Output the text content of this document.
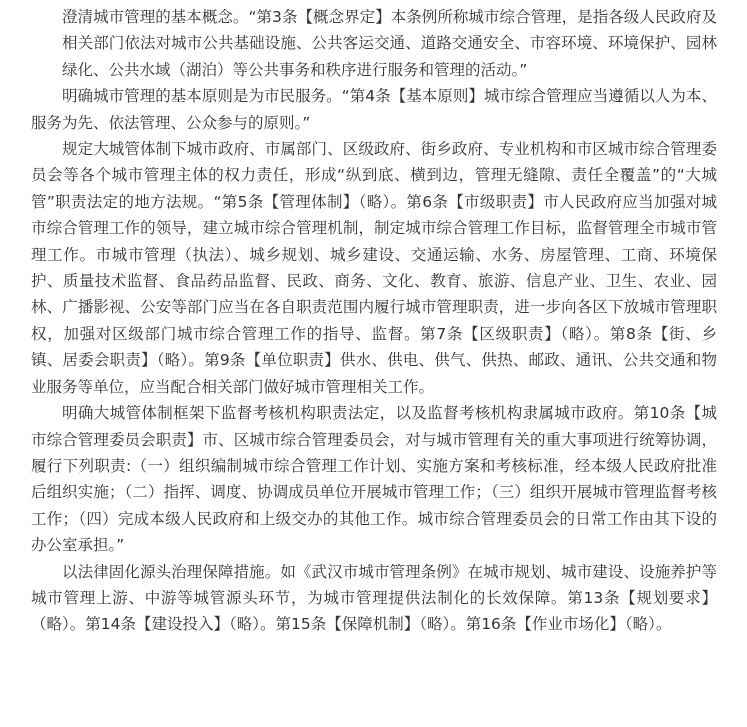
澄清城市管理的基本概念。“第3条【概念界定】本条例所称城市综合管理，是指各级人民政府及相关部门依法对城市公共基础设施、公共客运交通、道路交通安全、市容环境、环境保护、园林绿化、公共水域（湖泊）等公共事务和秩序进行服务和管理的活动。”

明确城市管理的基本原则是为市民服务。“第4条【基本原则】城市综合管理应当遵循以人为本、服务为先、依法管理、公众参与的原则。”

规定大城管体制下城市政府、市属部门、区级政府、街乡政府、专业机构和市区城市综合管理委员会等各个城市管理主体的权力责任，形成“纵到底、横到边，管理无缝隙、责任全覆盖”的“大城管”职责法定的地方法规。“第5条【管理体制】（略）。第6条【市级职责】市人民政府应当加强对城市综合管理工作的领导，建立城市综合管理机制，制定城市综合管理工作目标，监督管理全市城市管理工作。市城市管理（执法）、城乡规划、城乡建设、交通运输、水务、房屋管理、工商、环境保护、质量技术监督、食品药品监督、民政、商务、文化、教育、旅游、信息产业、卫生、农业、园林、广播影视、公安等部门应当在各自职责范围内履行城市管理职责，进一步向各区下放城市管理职权，加强对区级部门城市综合管理工作的指导、监督。第7条【区级职责】（略）。第8条【街、乡镇、居委会职责】（略）。第9条【单位职责】供水、供电、供气、供热、邮政、通讯、公共交通和物业服务等单位，应当配合相关部门做好城市管理相关工作。

明确大城管体制框架下监督考核机构职责法定，以及监督考核机构隶属城市政府。第10条【城市综合管理委员会职责】市、区城市综合管理委员会，对与城市管理有关的重大事项进行统筹协调，履行下列职责:（一）组织编制城市综合管理工作计划、实施方案和考核标准，经本级人民政府批准后组织实施；（二）指挥、调度、协调成员单位开展城市管理工作；（三）组织开展城市管理监督考核工作；（四）完成本级人民政府和上级交办的其他工作。城市综合管理委员会的日常工作由其下设的办公室承担。”

以法律固化源头治理保障措施。如《武汉市城市管理条例》在城市规划、城市建设、设施养护等城市管理上游、中游等城管源头环节，为城市管理提供法制化的长效保障。第13条【规划要求】（略）。第14条【建设投入】（略）。第15条【保障机制】（略）。第16条【作业市场化】（略）。
